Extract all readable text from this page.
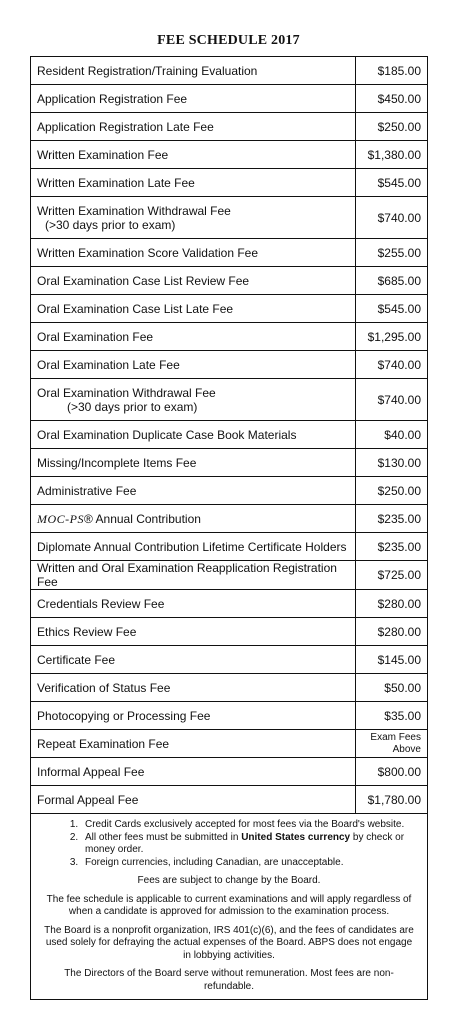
FEE SCHEDULE 2017
Resident Registration/Training Evaluation	$185.00
Application Registration Fee	$450.00
Application Registration Late Fee	$250.00
Written Examination Fee	$1,380.00
Written Examination Late Fee	$545.00
Written Examination Withdrawal Fee
(>30 days prior to exam)	$740.00
Written Examination Score Validation Fee	$255.00
Oral Examination Case List Review Fee	$685.00
Oral Examination Case List Late Fee	$545.00
Oral Examination Fee	$1,295.00
Oral Examination Late Fee	$740.00
Oral Examination Withdrawal Fee
(>30 days prior to exam)	$740.00
Oral Examination Duplicate Case Book Materials	$40.00
Missing/Incomplete Items Fee	$130.00
Administrative Fee	$250.00
MOC-PS® Annual Contribution	$235.00
Diplomate Annual Contribution Lifetime Certificate Holders	$235.00
Written and Oral Examination Reapplication Registration Fee	$725.00
Credentials Review Fee	$280.00
Ethics Review Fee	$280.00
Certificate Fee	$145.00
Verification of Status Fee	$50.00
Photocopying or Processing Fee	$35.00
Repeat Examination Fee	Exam Fees
Above

Informal Appeal Fee	$800.00
Formal Appeal Fee	$1,780.00
1. Credit Cards exclusively accepted for most fees via the Board's website.
2. All other fees must be submitted in United States currency by check or money order.
3. Foreign currencies, including Canadian, are unacceptable.

Fees are subject to change by the Board.

The fee schedule is applicable to current examinations and will apply regardless of when a candidate is approved for admission to the examination process.

The Board is a nonprofit organization, IRS 401(c)(6), and the fees of candidates are used solely for defraying the actual expenses of the Board. ABPS does not engage in lobbying activities.

The Directors of the Board serve without remuneration. Most fees are non-refundable.
